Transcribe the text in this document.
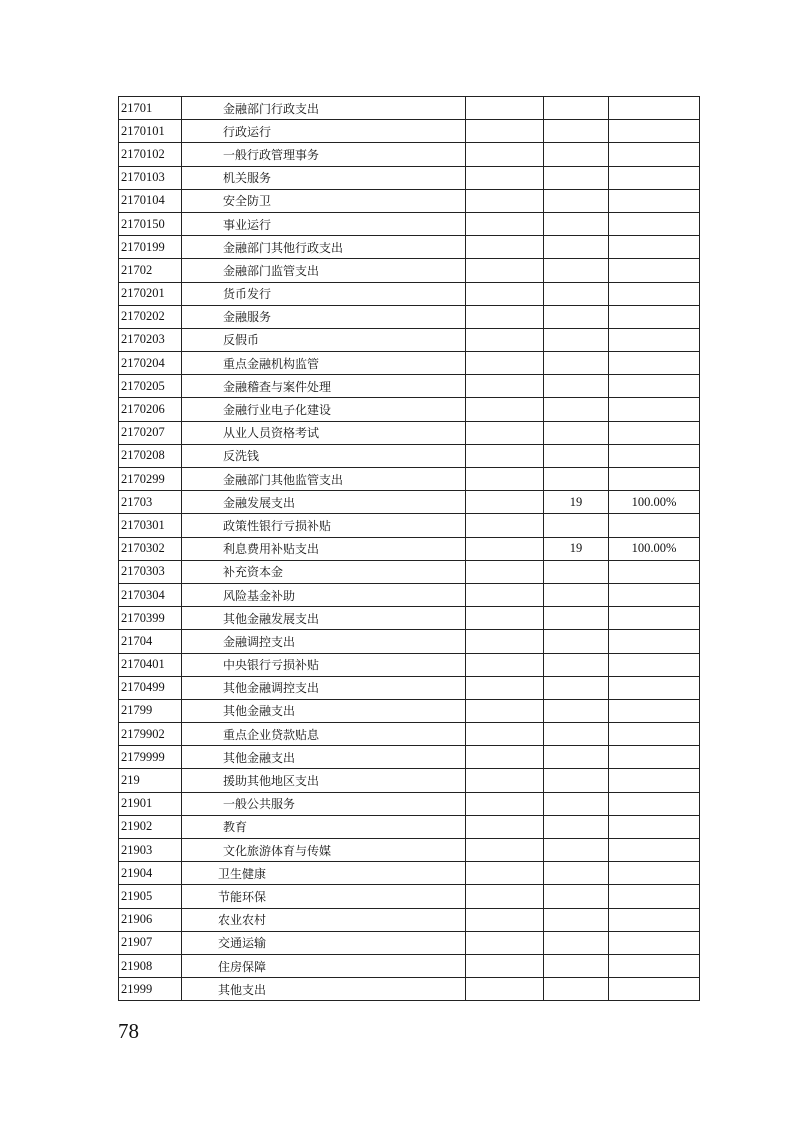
21701	金融部门行政支出			
2170101	行政运行			
2170102	一般行政管理事务			
2170103	机关服务			
2170104	安全防卫			
2170150	事业运行			
2170199	金融部门其他行政支出			
21702	金融部门监管支出			
2170201	货币发行			
2170202	金融服务			
2170203	反假币			
2170204	重点金融机构监管			
2170205	金融稽查与案件处理			
2170206	金融行业电子化建设			
2170207	从业人员资格考试			
2170208	反洗钱			
2170299	金融部门其他监管支出			
21703	金融发展支出		19	100.00%
2170301	政策性银行亏损补贴			
2170302	利息费用补贴支出		19	100.00%
2170303	补充资本金			
2170304	风险基金补助			
2170399	其他金融发展支出			
21704	金融调控支出			
2170401	中央银行亏损补贴			
2170499	其他金融调控支出			
21799	其他金融支出			
2179902	重点企业贷款贴息			
2179999	其他金融支出			
219	援助其他地区支出			
21901	一般公共服务			
21902	教育			
21903	文化旅游体育与传媒			
21904	卫生健康			
21905	节能环保			
21906	农业农村			
21907	交通运输			
21908	住房保障			
21999	其他支出			
78
